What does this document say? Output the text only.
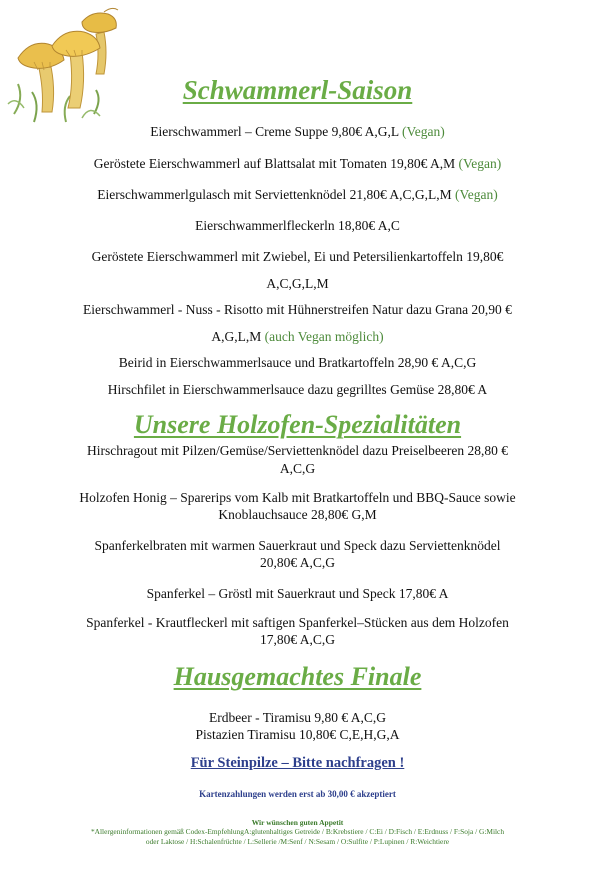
Schwammerl-Saison
Eierschwammerl – Creme Suppe 9,80€ A,G,L (Vegan)
Geröstete Eierschwammerl auf Blattsalat mit Tomaten 19,80€ A,M (Vegan)
Eierschwammerlgulasch mit Serviettenknödel 21,80€ A,C,G,L,M (Vegan)
Eierschwammerlfleckerln 18,80€ A,C
Geröstete Eierschwammerl mit Zwiebel, Ei und Petersilienkartoffeln 19,80€
A,C,G,L,M
Eierschwammerl - Nuss - Risotto mit Hühnerstreifen Natur dazu Grana 20,90 €
A,G,L,M (auch Vegan möglich)
Beirid in Eierschwammerlsauce und Bratkartoffeln 28,90 € A,C,G
Hirschfilet in Eierschwammerlsauce dazu gegrilltes Gemüse 28,80€ A
Unsere Holzofen-Spezialitäten
Hirschragout mit Pilzen/Gemüse/Serviettenknödel dazu Preiselbeeren 28,80 €
A,C,G
Holzofen Honig – Sparerips vom Kalb mit Bratkartoffeln und BBQ-Sauce sowie
Knoblauchsauce 28,80€ G,M
Spanferkelbraten mit warmen Sauerkraut und Speck dazu Serviettenknödel
20,80€ A,C,G
Spanferkel – Gröstl mit Sauerkraut und Speck 17,80€ A
Spanferkel - Krautfleckerl mit saftigen Spanferkel–Stücken aus dem Holzofen
17,80€ A,C,G
Hausgemachtes Finale
Erdbeer - Tiramisu 9,80 € A,C,G
Pistazien Tiramisu 10,80€ C,E,H,G,A
Für Steinpilze – Bitte nachfragen !
Kartenzahlungen werden erst ab 30,00 € akzeptiert
Wir wünschen guten Appetit
*Allergeninformationen gemäß Codex-EmpfehlungA:glutenhaltiges Getreide / B:Krebstiere / C:Ei / D:Fisch / E:Erdnuss / F:Soja / G:Milch
oder Laktose / H:Schalenfrüchte / L:Sellerie /M:Senf / N:Sesam / O:Sulfite / P:Lupinen / R:Weichtiere
